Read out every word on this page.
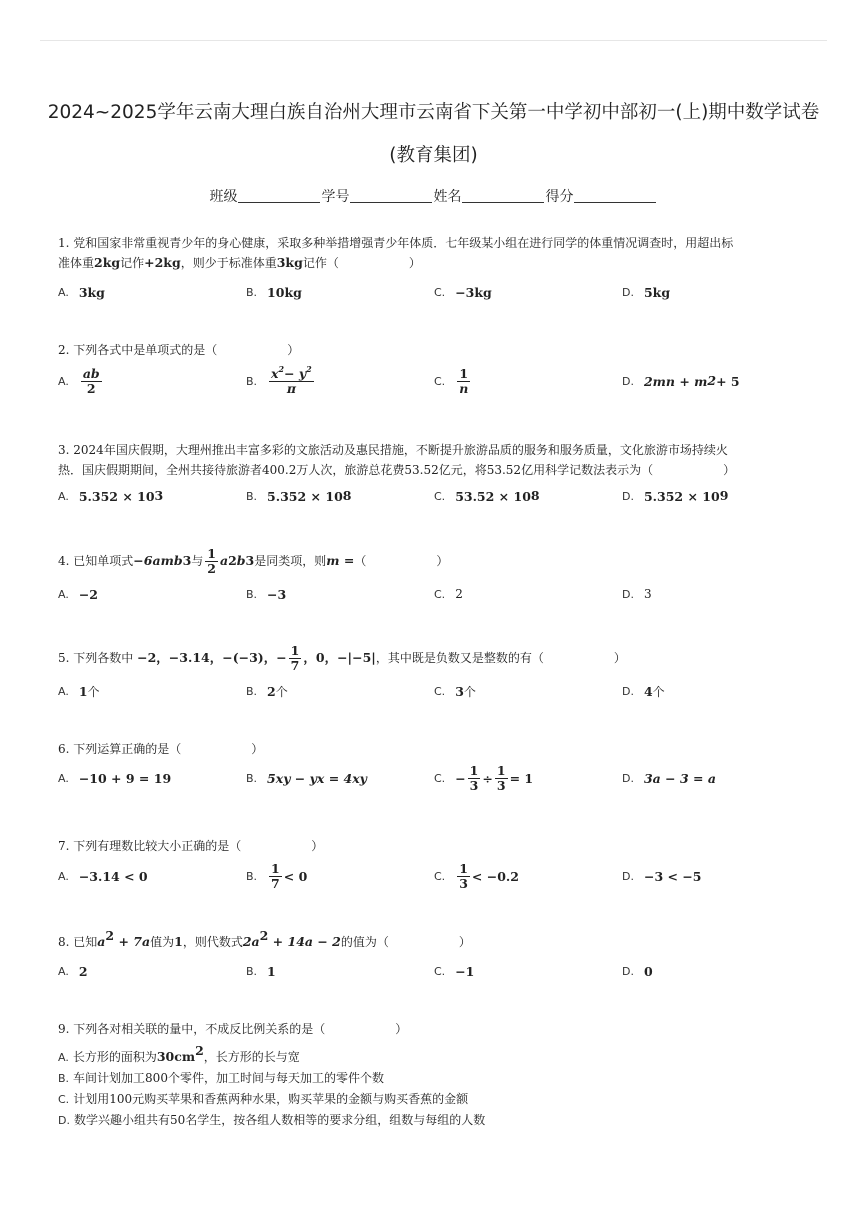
2024~2025学年云南大理白族自治州大理市云南省下关第一中学初中部初一(上)期中数学试卷
(教育集团)
班级	学号	姓名	得分
1. 党和国家非常重视青少年的身心健康，采取多种举措增强青少年体质．七年级某小组在进行同学的体重情况调查时，用超出标
准体重2kg记作+2kg，则少于标准体重3kg记作（	）
A. 3kg	B. 10kg	C. −3kg	D. 5kg
2. 下列各式中是单项式的是（	）
A. $\frac{ab}{2}$	B. $\frac{x^2- y^2}{\pi}$	C. $\frac{1}{n}$	D. 2mn + m 2 + 5
3. 2024年国庆假期，大理州推出丰富多彩的文旅活动及惠民措施，不断提升旅游品质的服务和服务质量，文化旅游市场持续火
热．国庆假期期间，全州共接待旅游者400.2万人次，旅游总花费53.52亿元，将53.52亿用科学记数法表示为（	）
A. 5.352 × 10 3	B. 5.352 × 10 8	C. 53.52 × 10 8	D. 5.352 × 10 9
4.
已知单项式 −6a m b 3 与 $\frac{1}{2}$ a 2 b 3 是同类项，则 m = （	）
A. −2	B. −3	C. 2	D. 3
5.
下列各数中
−2，−3.14，−(−3)，− $\frac{1}{7}$ ，0，−|−5| ，其中既是负数又是整数的有（	）
A. 1 个	B. 2 个	C. 3 个	D. 4 个
6. 下列运算正确的是（	）
A. −10 + 9 = 19	B. 5xy − yx = 4xy	C. − $\frac{1}{3} \div \frac{1}{3} = 1$	D. 3a − 3 = a
7. 下列有理数比较大小正确的是（	）
A. −3.14 < 0	B. $\frac{1}{7} < 0$	C. $\frac{1}{3} < -0.2$	D. −3 < −5
8. 已知$a^2 + 7a$值为1，则代数式$2a^2 + 14a - 2$的值为（	）
A. 2	B. 1	C. −1	D. 0
9. 下列各对相关联的量中，不成反比例关系的是（	）
A. 长方形的面积为$30cm^2$，长方形的长与宽
B. 车间计划加工800个零件，加工时间与每天加工的零件个数
C. 计划用100元购买苹果和香蕉两种水果，购买苹果的金额与购买香蕉的金额
D. 数学兴趣小组共有50名学生，按各组人数相等的要求分组，组数与每组的人数
